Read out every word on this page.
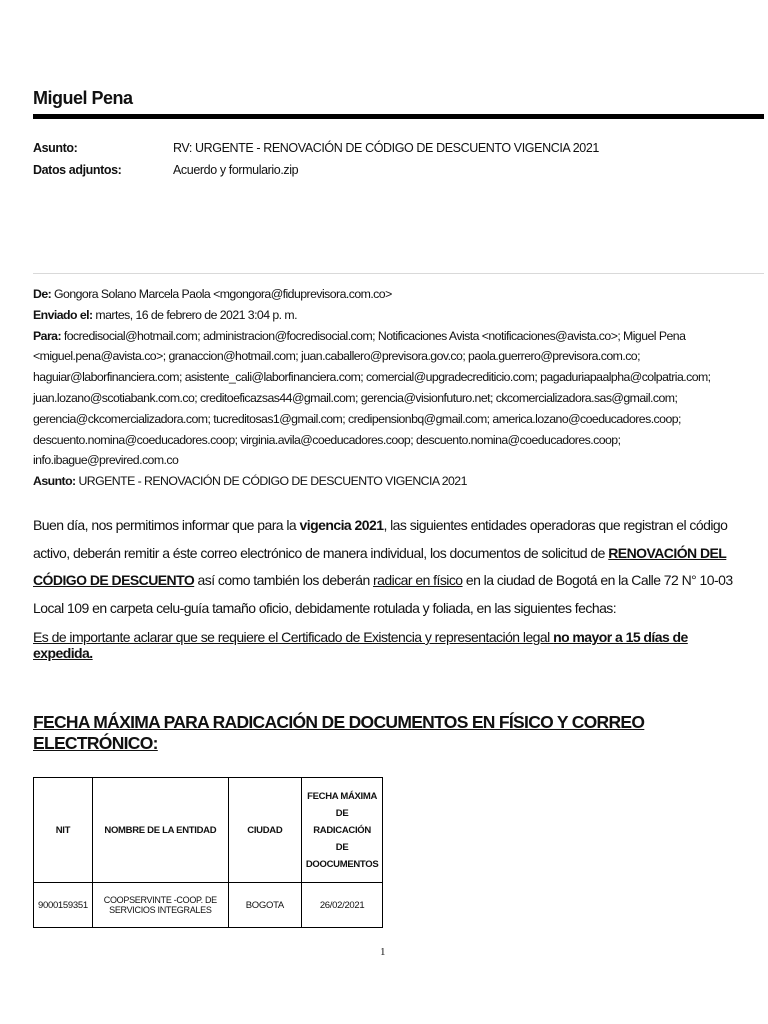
Miguel Pena
Asunto:	RV: URGENTE - RENOVACIÓN DE CÓDIGO DE DESCUENTO VIGENCIA 2021
Datos adjuntos:	Acuerdo y formulario.zip
De: Gongora Solano Marcela Paola <mgongora@fiduprevisora.com.co>
Enviado el: martes, 16 de febrero de 2021 3:04 p. m.
Para: focredisocial@hotmail.com; administracion@focredisocial.com; Notificaciones Avista <notificaciones@avista.co>; Miguel Pena <miguel.pena@avista.co>; granaccion@hotmail.com; juan.caballero@previsora.gov.co; paola.guerrero@previsora.com.co; haguiar@laborfinanciera.com; asistente_cali@laborfinanciera.com; comercial@upgradecrediticio.com; pagaduriapaalpha@colpatria.com; juan.lozano@scotiabank.com.co; creditoeficazsas44@gmail.com; gerencia@visionfuturo.net; ckcomercializadora.sas@gmail.com; gerencia@ckcomercializadora.com; tucreditosas1@gmail.com; credipensionbq@gmail.com; america.lozano@coeducadores.coop; descuento.nomina@coeducadores.coop; virginia.avila@coeducadores.coop; descuento.nomina@coeducadores.coop; info.ibague@previred.com.co
Asunto: URGENTE - RENOVACIÓN DE CÓDIGO DE DESCUENTO VIGENCIA 2021
Buen día, nos permitimos informar que para la vigencia 2021, las siguientes entidades operadoras que registran el código activo, deberán remitir a éste correo electrónico de manera individual, los documentos de solicitud de RENOVACIÓN DEL CÓDIGO DE DESCUENTO así como también los deberán radicar en físico en la ciudad de Bogotá en la Calle 72 N° 10-03 Local 109 en carpeta celu-guía tamaño oficio, debidamente rotulada y foliada, en las siguientes fechas:
Es de importante aclarar que se requiere el Certificado de Existencia y representación legal no mayor a 15 días de expedida.
FECHA MÁXIMA PARA RADICACIÓN DE DOCUMENTOS EN FÍSICO Y CORREO ELECTRÓNICO:
NIT	NOMBRE DE LA ENTIDAD	CIUDAD	FECHA MÁXIMA DE RADICACIÓN DE DOOCUMENTOS
9000159351	COOPSERVINTE -COOP. DE SERVICIOS INTEGRALES	BOGOTA	26/02/2021
1
